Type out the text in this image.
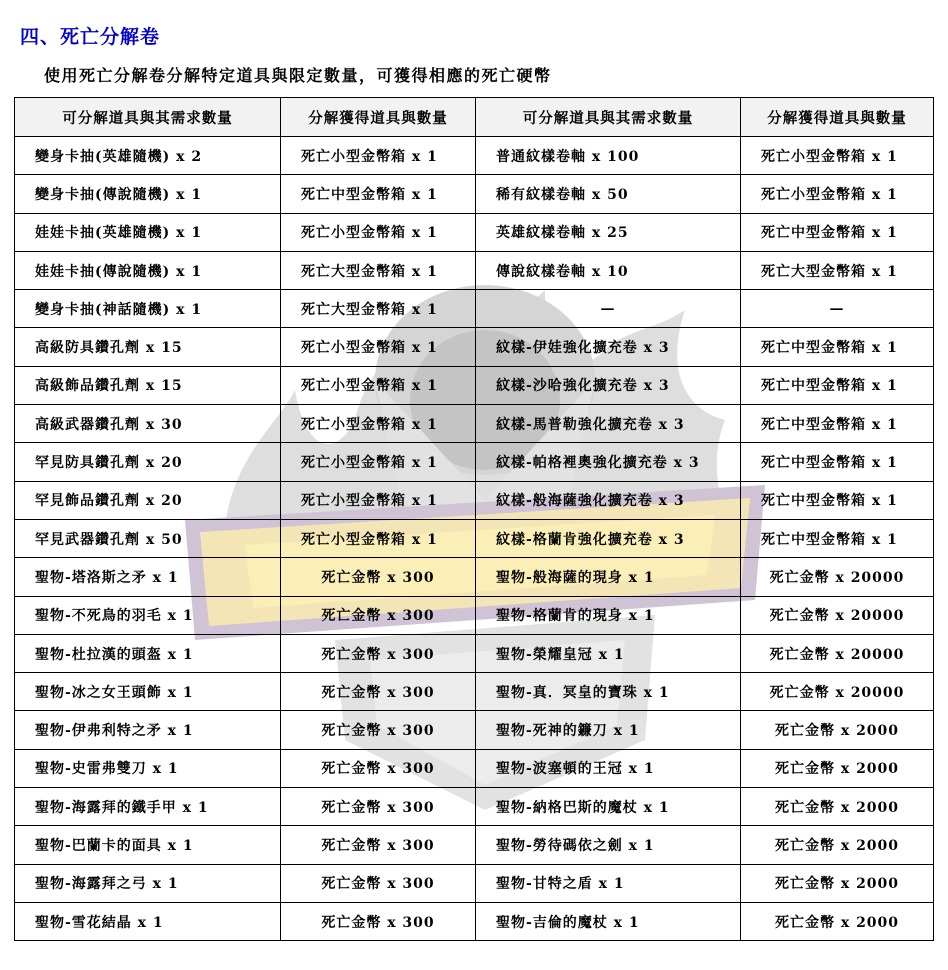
四、死亡分解卷

使用死亡分解卷分解特定道具與限定數量，可獲得相應的死亡硬幣

可分解道具與其需求數量	分解獲得道具與數量	可分解道具與其需求數量	分解獲得道具與數量
變身卡抽(英雄隨機) x 2	死亡小型金幣箱 x 1	普通紋樣卷軸 x 100	死亡小型金幣箱 x 1
變身卡抽(傳說隨機) x 1	死亡中型金幣箱 x 1	稀有紋樣卷軸 x 50	死亡小型金幣箱 x 1
娃娃卡抽(英雄隨機) x 1	死亡小型金幣箱 x 1	英雄紋樣卷軸 x 25	死亡中型金幣箱 x 1
娃娃卡抽(傳說隨機) x 1	死亡大型金幣箱 x 1	傳說紋樣卷軸 x 10	死亡大型金幣箱 x 1
變身卡抽(神話隨機) x 1	死亡大型金幣箱 x 1	—	—
高級防具鑽孔劑 x 15	死亡小型金幣箱 x 1	紋樣-伊娃強化擴充卷 x 3	死亡中型金幣箱 x 1
高級飾品鑽孔劑 x 15	死亡小型金幣箱 x 1	紋樣-沙哈強化擴充卷 x 3	死亡中型金幣箱 x 1
高級武器鑽孔劑 x 30	死亡小型金幣箱 x 1	紋樣-馬普勒強化擴充卷 x 3	死亡中型金幣箱 x 1
罕見防具鑽孔劑 x 20	死亡小型金幣箱 x 1	紋樣-帕格裡奧強化擴充卷 x 3	死亡中型金幣箱 x 1
罕見飾品鑽孔劑 x 20	死亡小型金幣箱 x 1	紋樣-般海薩強化擴充卷 x 3	死亡中型金幣箱 x 1
罕見武器鑽孔劑 x 50	死亡小型金幣箱 x 1	紋樣-格蘭肯強化擴充卷 x 3	死亡中型金幣箱 x 1
聖物-塔洛斯之矛 x 1	死亡金幣 x 300	聖物-般海薩的現身 x 1	死亡金幣 x 20000
聖物-不死鳥的羽毛 x 1	死亡金幣 x 300	聖物-格蘭肯的現身 x 1	死亡金幣 x 20000
聖物-杜拉漢的頭盔 x 1	死亡金幣 x 300	聖物-榮耀皇冠 x 1	死亡金幣 x 20000
聖物-冰之女王頭飾 x 1	死亡金幣 x 300	聖物-真．冥皇的寶珠 x 1	死亡金幣 x 20000
聖物-伊弗利特之矛 x 1	死亡金幣 x 300	聖物-死神的鐮刀 x 1	死亡金幣 x 2000
聖物-史雷弗雙刀 x 1	死亡金幣 x 300	聖物-波塞頓的王冠 x 1	死亡金幣 x 2000
聖物-海露拜的鐵手甲 x 1	死亡金幣 x 300	聖物-納格巴斯的魔杖 x 1	死亡金幣 x 2000
聖物-巴蘭卡的面具 x 1	死亡金幣 x 300	聖物-勞待碼依之劍 x 1	死亡金幣 x 2000
聖物-海露拜之弓 x 1	死亡金幣 x 300	聖物-甘特之盾 x 1	死亡金幣 x 2000
聖物-雪花結晶 x 1	死亡金幣 x 300	聖物-吉倫的魔杖 x 1	死亡金幣 x 2000
